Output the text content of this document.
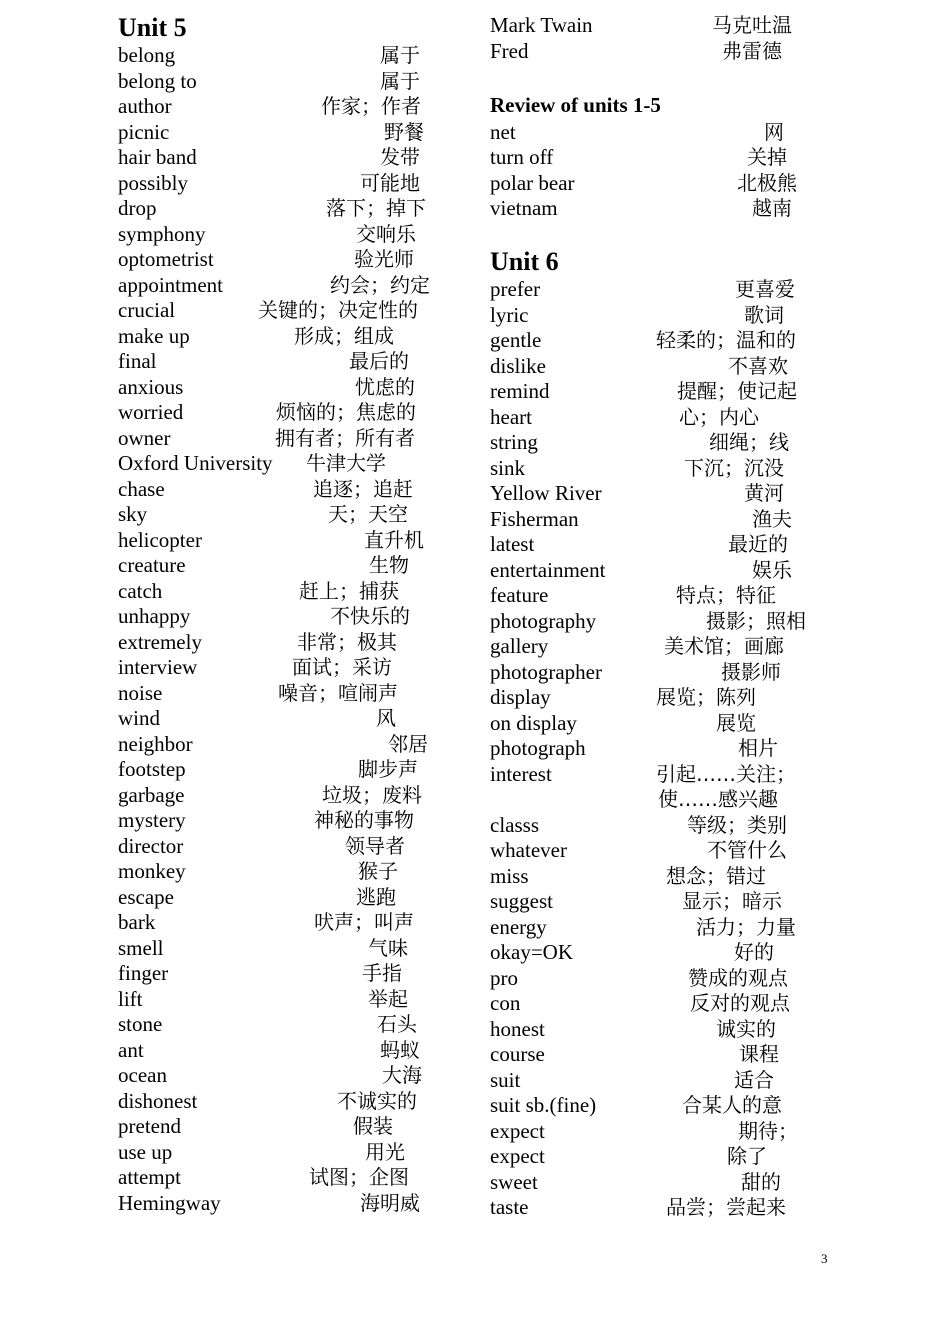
Unit 5
belong	属于
belong to	属于
author	作家；作者
picnic	野餐
hair band	发带
possibly	可能地
drop	落下；掉下
symphony	交响乐
optometrist	验光师
appointment	约会；约定
crucial	关键的；决定性的
make up	形成；组成
final	最后的
anxious	忧虑的
worried	烦恼的；焦虑的
owner	拥有者；所有者
Oxford University 牛津大学
chase	追逐；追赶
sky	天；天空
helicopter	直升机
creature	生物
catch	赶上；捕获
unhappy	不快乐的
extremely	非常；极其
interview	面试；采访
noise	噪音；喧闹声
wind	风
neighbor	邻居
footstep	脚步声
garbage	垃圾；废料
mystery	神秘的事物
director	领导者
monkey	猴子
escape	逃跑
bark	吠声；叫声
smell	气味
finger	手指
lift	举起
stone	石头
ant	蚂蚁
ocean	大海
dishonest	不诚实的
pretend	假装
use up	用光
attempt	试图；企图
Hemingway	海明威
Mark Twain	马克吐温
Fred	弗雷德
Review of units 1-5
net	网
turn off	关掉
polar bear	北极熊
vietnam	越南
Unit 6
prefer	更喜爱
lyric	歌词
gentle	轻柔的；温和的
dislike	不喜欢
remind	提醒；使记起
heart	心；内心
string	细绳；线
sink	下沉；沉没
Yellow River	黄河
Fisherman	渔夫
latest	最近的
entertainment	娱乐
feature	特点；特征
photography	摄影；照相
gallery	美术馆；画廊
photographer	摄影师
display	展览；陈列
on display	展览
photograph	相片
interest	引起……关注；
使……感兴趣
classs	等级；类别
whatever	不管什么
miss	想念；错过
suggest	显示；暗示
energy	活力；力量
okay=OK	好的
pro	赞成的观点
con	反对的观点
honest	诚实的
course	课程
suit	适合
suit sb.(fine)	合某人的意
expect	期待；
expect	除了
sweet	甜的
taste	品尝；尝起来
3
